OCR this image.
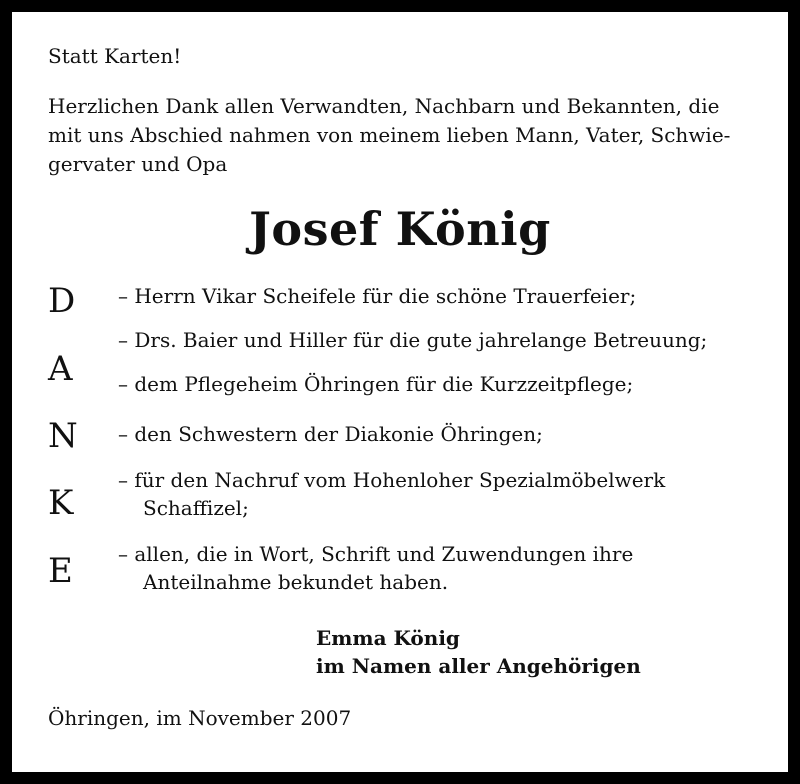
Statt Karten!
Herzlichen Dank allen Verwandten, Nachbarn und Bekannten, die
mit uns Abschied nahmen von meinem lieben Mann, Vater, Schwie-
gervater und Opa
Josef König
D
A
N
K
E
– Herrn Vikar Scheifele für die schöne Trauerfeier;
– Drs. Baier und Hiller für die gute jahrelange Betreuung;
– dem Pflegeheim Öhringen für die Kurzzeitpflege;
– den Schwestern der Diakonie Öhringen;
– für den Nachruf vom Hohenloher Spezialmöbelwerk
Schaffizel;
– allen, die in Wort, Schrift und Zuwendungen ihre
Anteilnahme bekundet haben.
Emma König
im Namen aller Angehörigen
Öhringen, im November 2007
